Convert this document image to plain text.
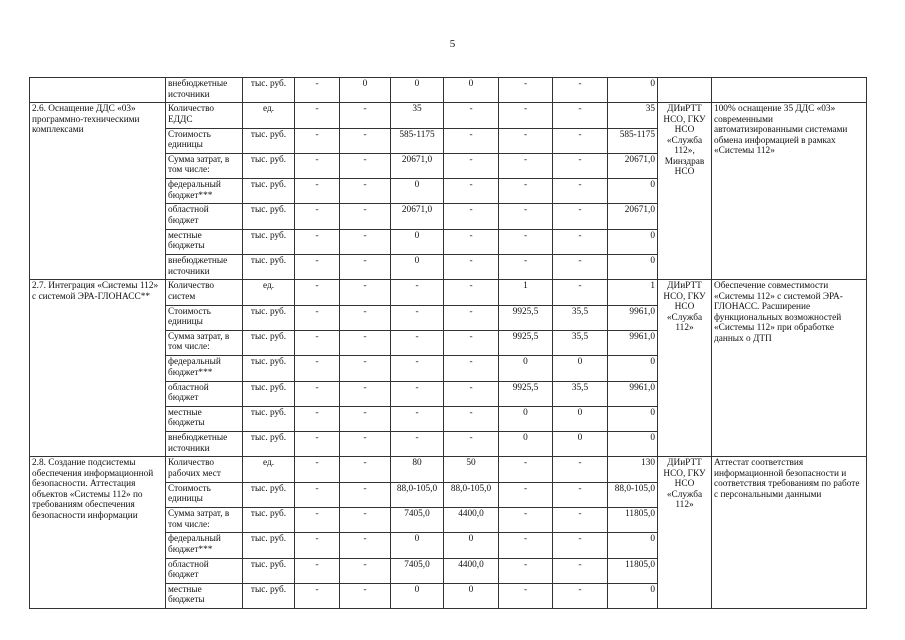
5
	внебюджетные источники	тыс. руб.	-	0	0	0	-	-	0		
2.6. Оснащение ДДС «03» программно-техническими комплексами	Количество ЕДДС	ед.	-	-	35	-	-	-	35	ДИиРТТ НСО, ГКУ НСО «Служба 112», Минздрав НСО	100% оснащение 35 ДДС «03» современными автоматизированными системами обмена информацией в рамках «Системы 112»
	Стоимость единицы	тыс. руб.	-	-	585-1175	-	-	-	585-1175		
	Сумма затрат, в том числе:	тыс. руб.	-	-	20671,0	-	-	-	20671,0		
	федеральный бюджет***	тыс. руб.	-	-	0	-	-	-	0		
	областной бюджет	тыс. руб.	-	-	20671,0	-	-	-	20671,0		
	местные бюджеты	тыс. руб.	-	-	0	-	-	-	0		
	внебюджетные источники	тыс. руб.	-	-	0	-	-	-	0		
2.7. Интеграция «Системы 112» с системой ЭРА-ГЛОНАСС**	Количество систем	ед.	-	-	-	-	1	-	1	ДИиРТТ НСО, ГКУ НСО «Служба 112»	Обеспечение совместимости «Системы 112» с системой ЭРА-ГЛОНАСС. Расширение функциональных возможностей «Системы 112» при обработке данных о ДТП
	Стоимость единицы	тыс. руб.	-	-	-	-	9925,5	35,5	9961,0		
	Сумма затрат, в том числе:	тыс. руб.	-	-	-	-	9925,5	35,5	9961,0		
	федеральный бюджет***	тыс. руб.	-	-	-	-	0	0	0		
	областной бюджет	тыс. руб.	-	-	-	-	9925,5	35,5	9961,0		
	местные бюджеты	тыс. руб.	-	-	-	-	0	0	0		
	внебюджетные источники	тыс. руб.	-	-	-	-	0	0	0		
2.8. Создание подсистемы обеспечения информационной безопасности. Аттестация объектов «Системы 112» по требованиям обеспечения безопасности информации	Количество рабочих мест	ед.	-	-	80	50	-	-	130	ДИиРТТ НСО, ГКУ НСО «Служба 112»	Аттестат соответствия информационной безопасности и соответствия требованиям по работе с персональными данными
	Стоимость единицы	тыс. руб.	-	-	88,0-105,0	88,0-105,0	-	-	88,0-105,0		
	Сумма затрат, в том числе:	тыс. руб.	-	-	7405,0	4400,0	-	-	11805,0		
	федеральный бюджет***	тыс. руб.	-	-	0	0	-	-	0		
	областной бюджет	тыс. руб.	-	-	7405,0	4400,0	-	-	11805,0		
	местные бюджеты	тыс. руб.	-	-	0	0	-	-	0		
